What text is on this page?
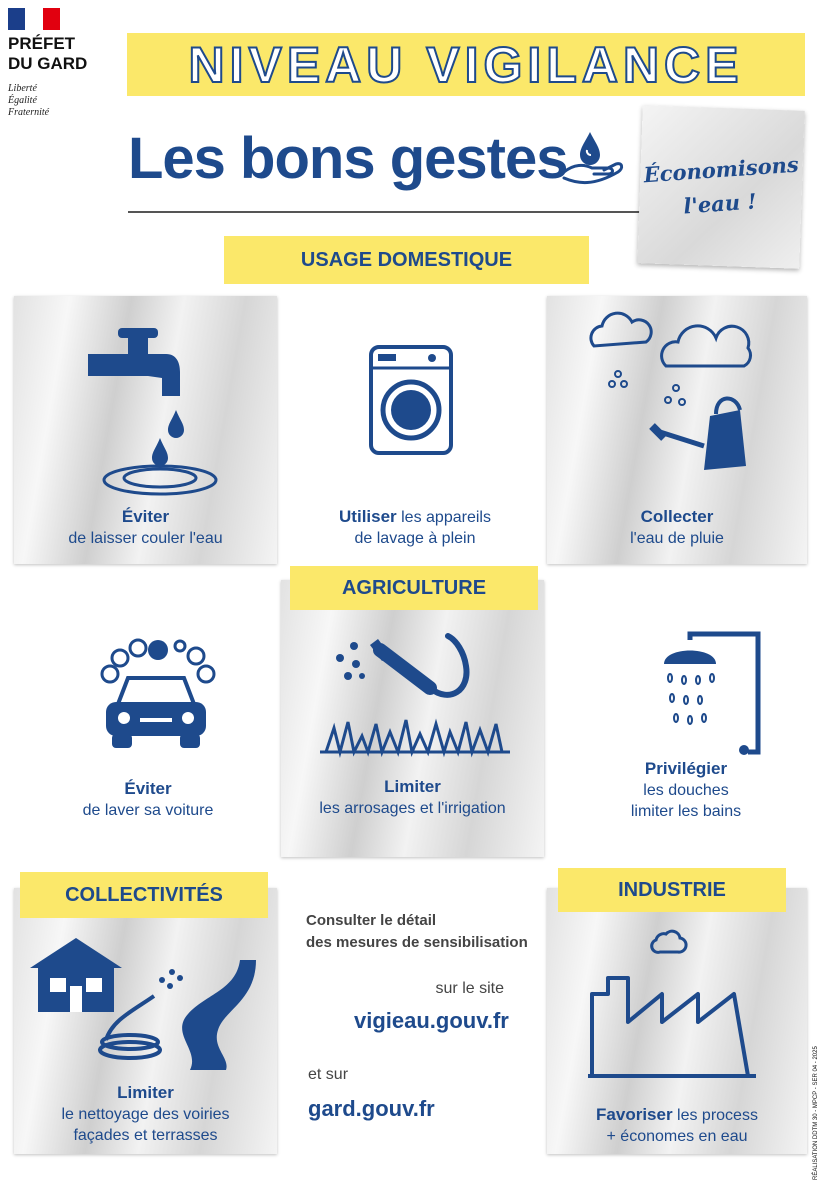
PRÉFET
DU GARD
Liberté
Égalité
Fraternité
NIVEAU VIGILANCE
Les bons gestes	Économisons
l'eau !
USAGE DOMESTIQUE
Éviter
de laisser couler l'eau
Utiliser les appareils
de lavage à plein
Collecter
l'eau de pluie
AGRICULTURE
Limiter
les arrosages et l'irrigation
Éviter
de laver sa voiture
Privilégier
les douches
limiter les bains
COLLECTIVITÉS
Limiter
le nettoyage des voiries
façades et terrasses
Consulter le détail
des mesures de sensibilisation
sur le site
vigieau.gouv.fr
et sur
gard.gouv.fr
INDUSTRIE
Favoriser les process
+ économes en eau	RÉALISATION DDTM 30 - MPCP - SER 04 - 2025
